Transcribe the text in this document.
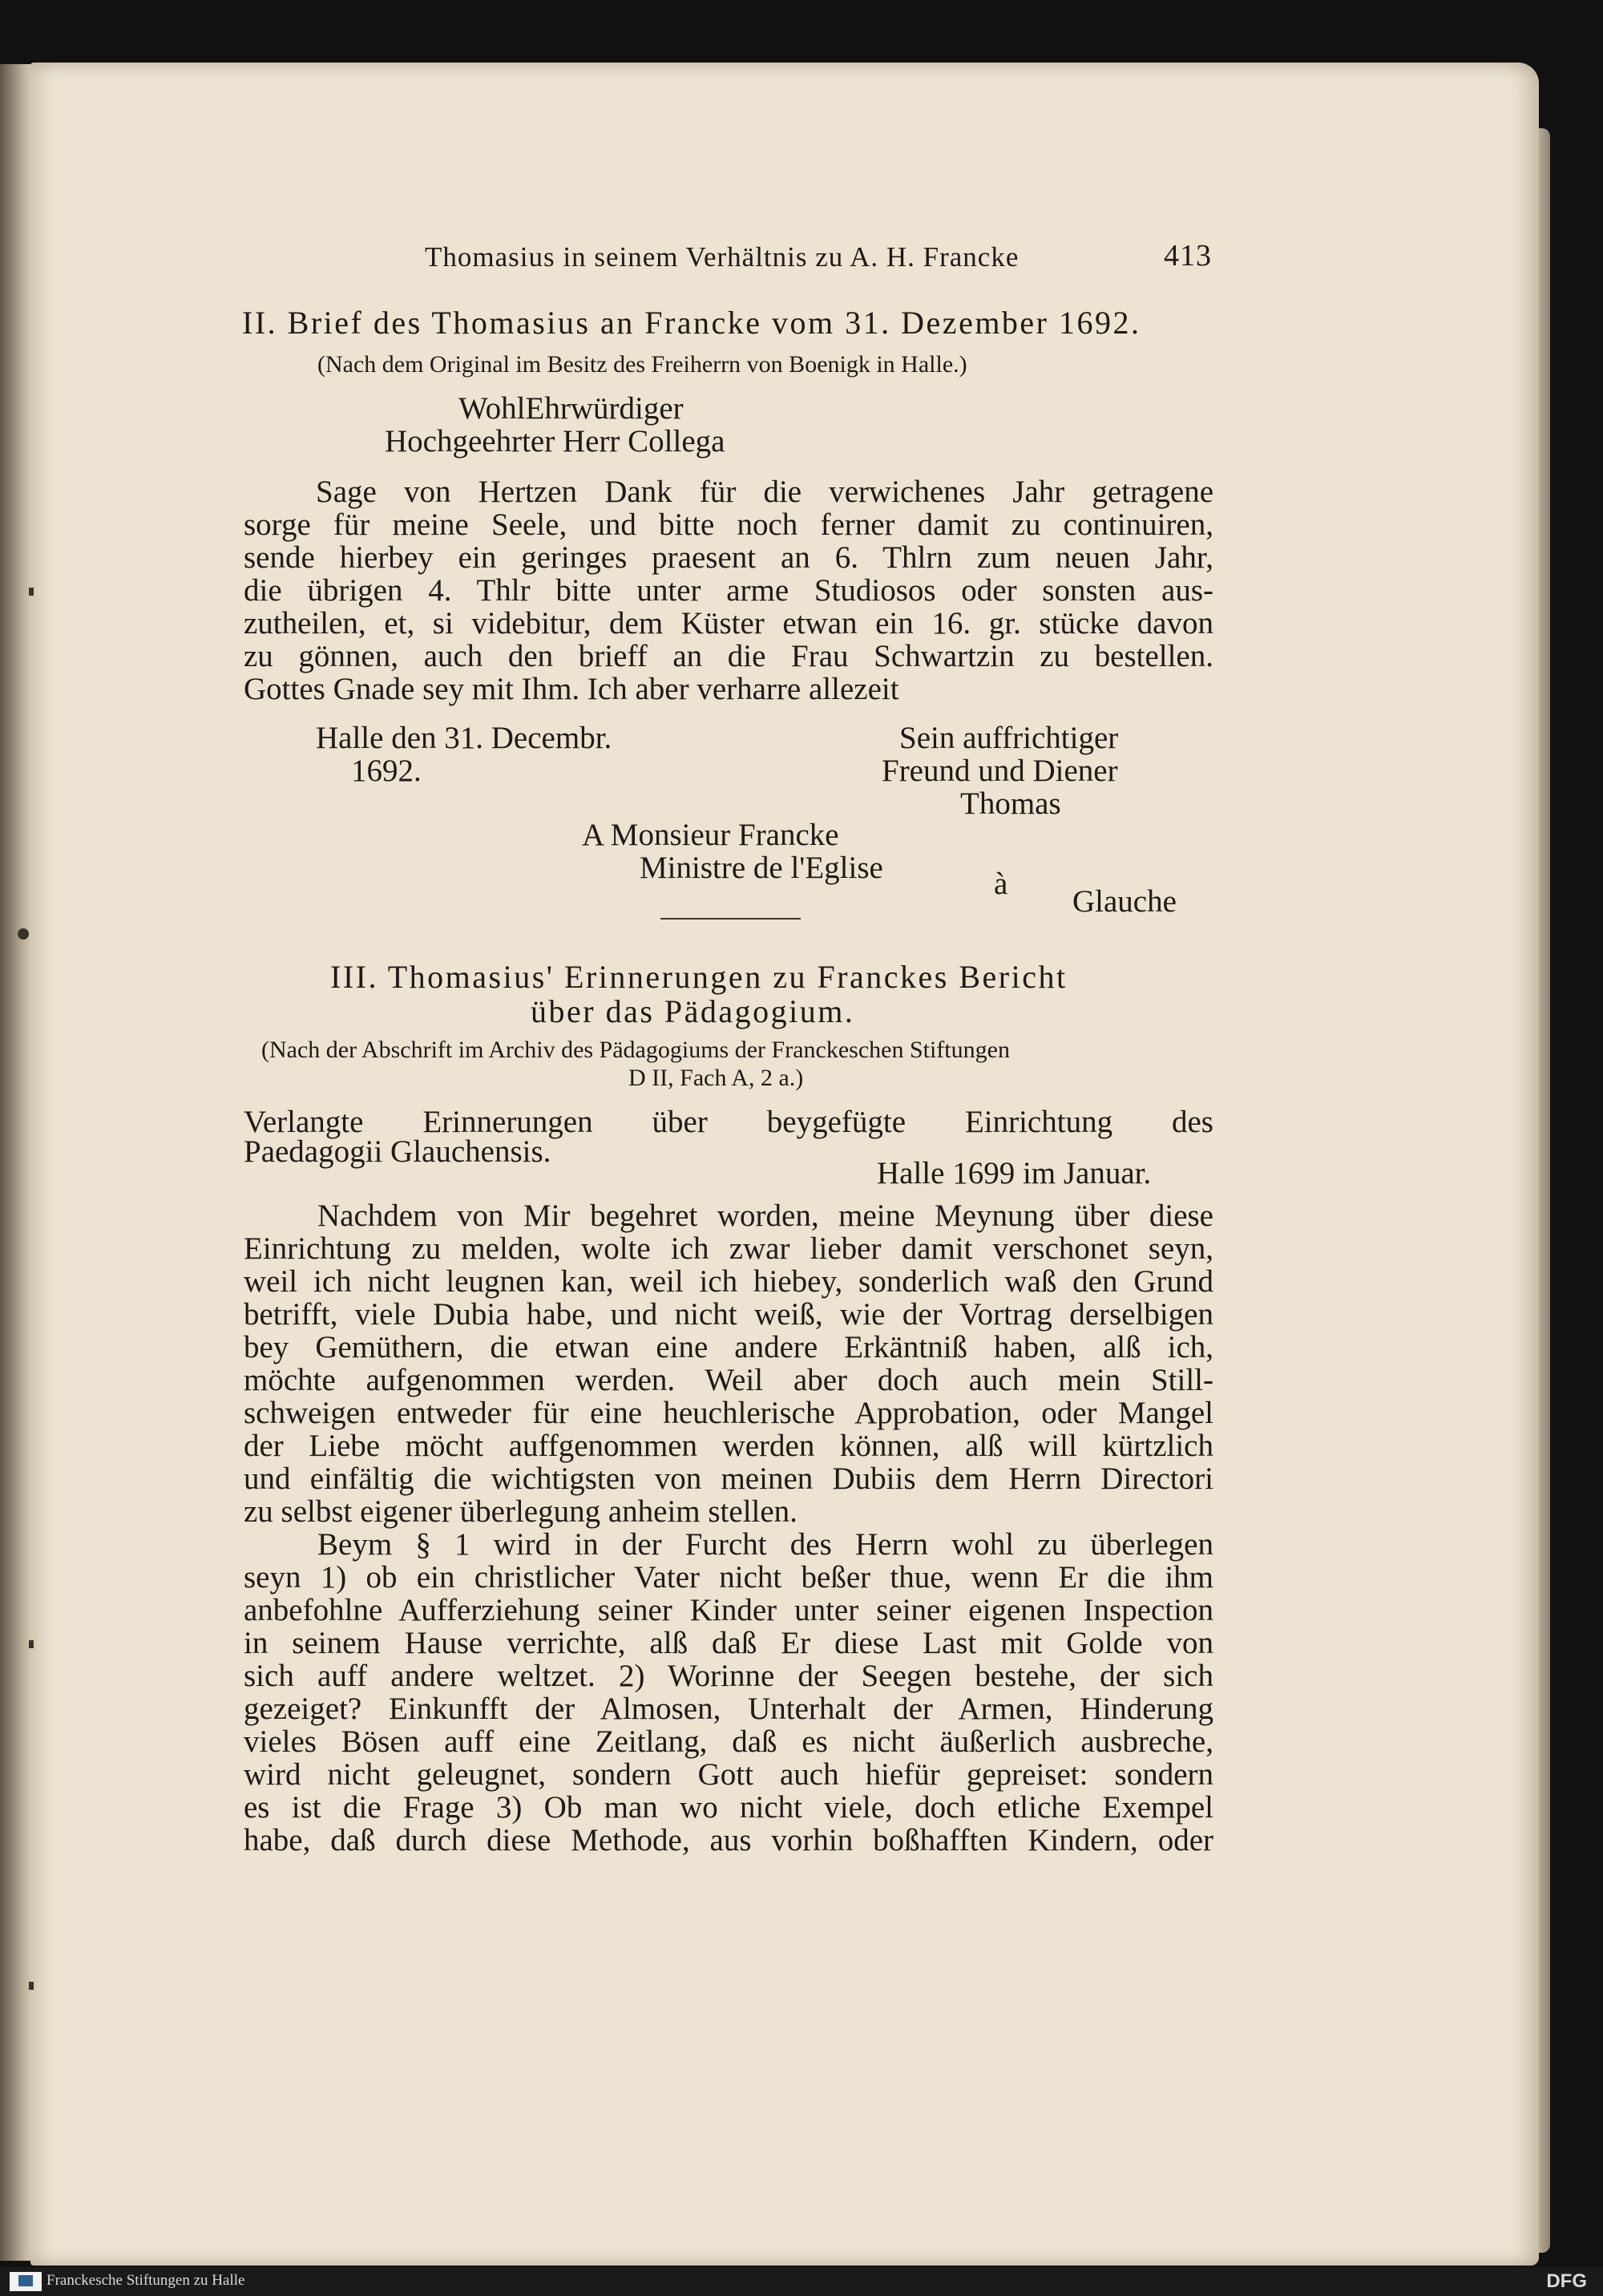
Thomasius in seinem Verhältnis zu A. H. Francke	413
II. Brief des Thomasius an Francke vom 31. Dezember 1692.
(Nach dem Original im Besitz des Freiherrn von Boenigk in Halle.)
WohlEhrwürdiger
Hochgeehrter Herr Collega
Sage von Hertzen Dank für die verwichenes Jahr getragene
sorge für meine Seele, und bitte noch ferner damit zu continuiren,
sende hierbey ein geringes praesent an 6. Thlrn zum neuen Jahr,
die übrigen 4. Thlr bitte unter arme Studiosos oder sonsten aus-
zutheilen, et, si videbitur, dem Küster etwan ein 16. gr. stücke davon
zu gönnen, auch den brieff an die Frau Schwartzin zu bestellen.
Gottes Gnade sey mit Ihm. Ich aber verharre allezeit
Halle den 31. Decembr.
1692.
Sein auffrichtiger
Freund und Diener
Thomas
A Monsieur Francke
Ministre de l'Eglise	à
Glauche
III. Thomasius' Erinnerungen zu Franckes Bericht
über das Pädagogium.
(Nach der Abschrift im Archiv des Pädagogiums der Franckeschen Stiftungen
D II, Fach A, 2 a.)
Verlangte Erinnerungen über beygefügte Einrichtung des
Paedagogii Glauchensis.
Halle 1699 im Januar.
Nachdem von Mir begehret worden, meine Meynung über diese
Einrichtung zu melden, wolte ich zwar lieber damit verschonet seyn,
weil ich nicht leugnen kan, weil ich hiebey, sonderlich waß den Grund
betrifft, viele Dubia habe, und nicht weiß, wie der Vortrag derselbigen
bey Gemüthern, die etwan eine andere Erkäntniß haben, alß ich,
möchte aufgenommen werden. Weil aber doch auch mein Still-
schweigen entweder für eine heuchlerische Approbation, oder Mangel
der Liebe möcht auffgenommen werden können, alß will kürtzlich
und einfältig die wichtigsten von meinen Dubiis dem Herrn Directori
zu selbst eigener überlegung anheim stellen.
Beym § 1 wird in der Furcht des Herrn wohl zu überlegen
seyn 1) ob ein christlicher Vater nicht beßer thue, wenn Er die ihm
anbefohlne Aufferziehung seiner Kinder unter seiner eigenen Inspection
in seinem Hause verrichte, alß daß Er diese Last mit Golde von
sich auff andere weltzet. 2) Worinne der Seegen bestehe, der sich
gezeiget? Einkunfft der Almosen, Unterhalt der Armen, Hinderung
vieles Bösen auff eine Zeitlang, daß es nicht äußerlich ausbreche,
wird nicht geleugnet, sondern Gott auch hiefür gepreiset: sondern
es ist die Frage 3) Ob man wo nicht viele, doch etliche Exempel
habe, daß durch diese Methode, aus vorhin boßhafften Kindern, oder
Franckesche Stiftungen zu Halle	DFG
